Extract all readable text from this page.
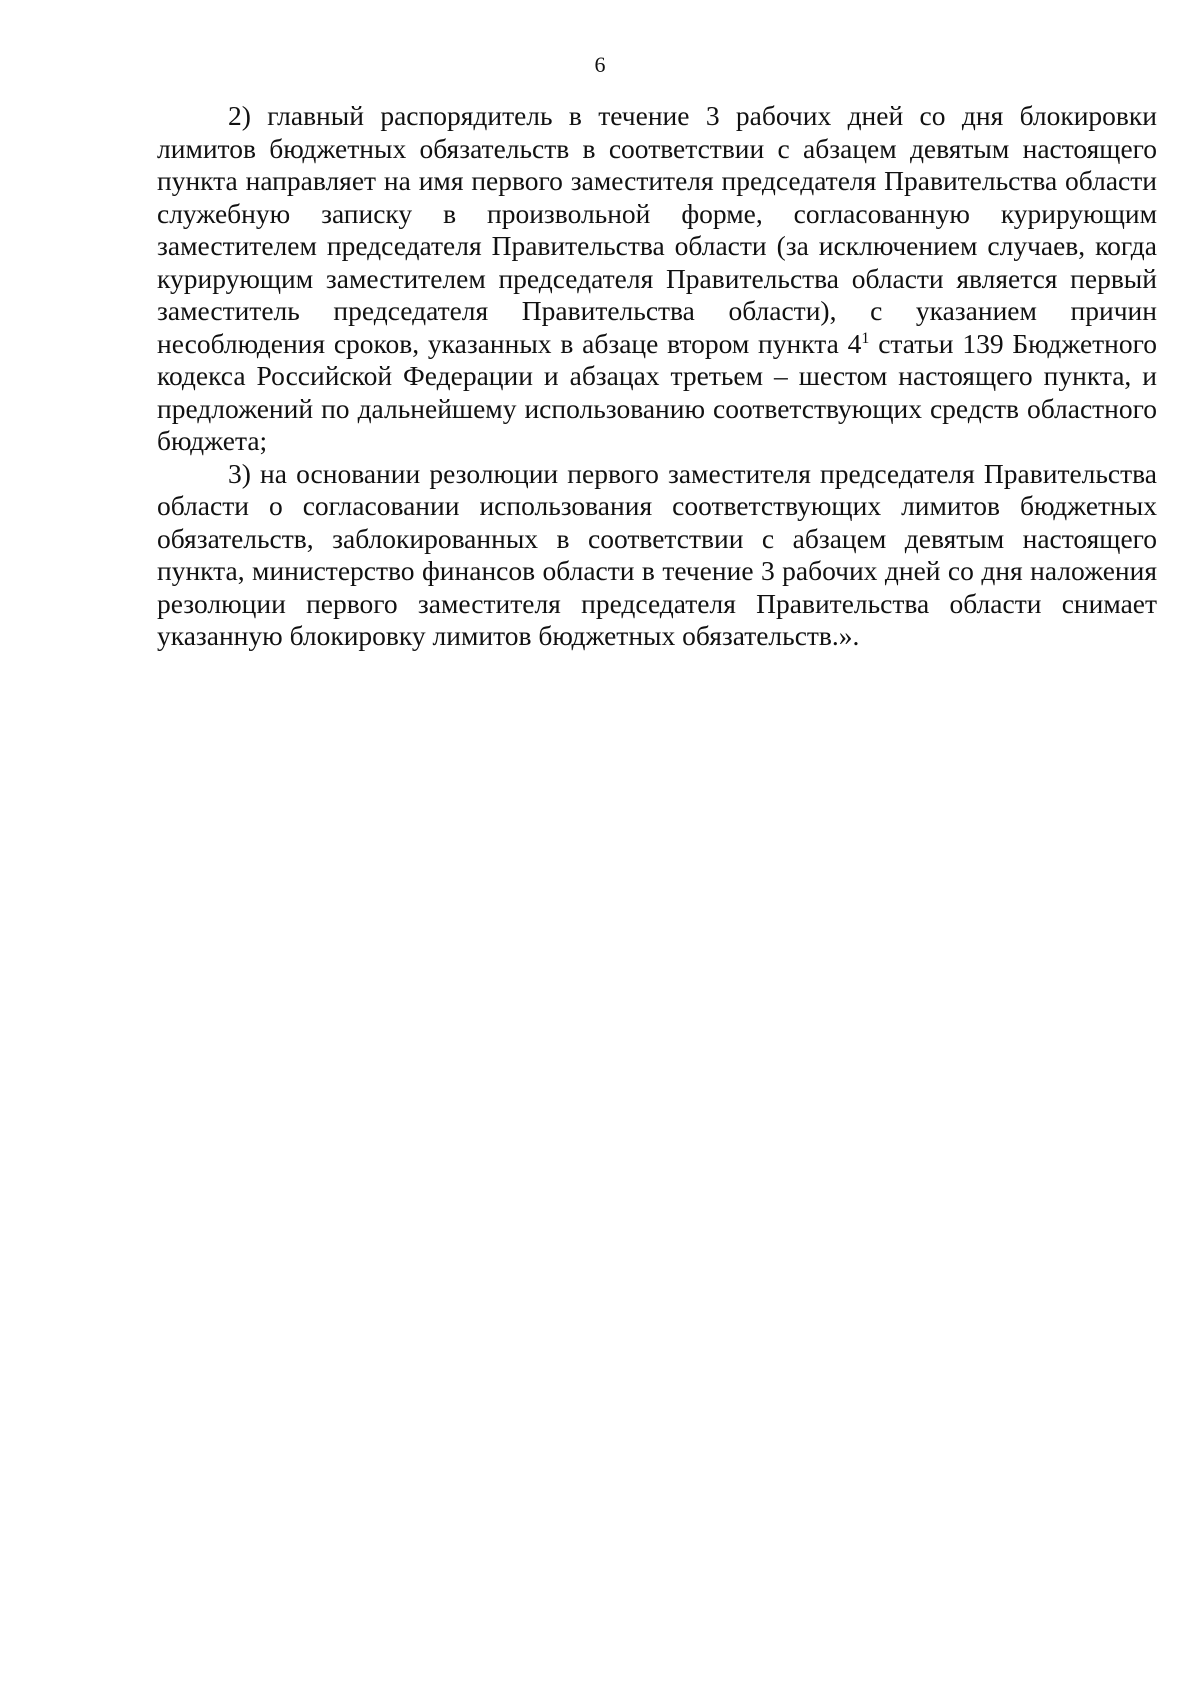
6

2) главный распорядитель в течение 3 рабочих дней со дня блокировки лимитов бюджетных обязательств в соответствии с абзацем девятым настоящего пункта направляет на имя первого заместителя председателя Правительства области служебную записку в произвольной форме, согласованную курирующим заместителем председателя Правительства области (за исключением случаев, когда курирующим заместителем председателя Правительства области является первый заместитель председателя Правительства области), с указанием причин несоблюдения сроков, указанных в абзаце втором пункта $4^1$ статьи 139 Бюджетного кодекса Российской Федерации и абзацах третьем – шестом настоящего пункта, и предложений по дальнейшему использованию соответствующих средств областного бюджета;

3) на основании резолюции первого заместителя председателя Правительства области о согласовании использования соответствующих лимитов бюджетных обязательств, заблокированных в соответствии с абзацем девятым настоящего пункта, министерство финансов области в течение 3 рабочих дней со дня наложения резолюции первого заместителя председателя Правительства области снимает указанную блокировку лимитов бюджетных обязательств.».
